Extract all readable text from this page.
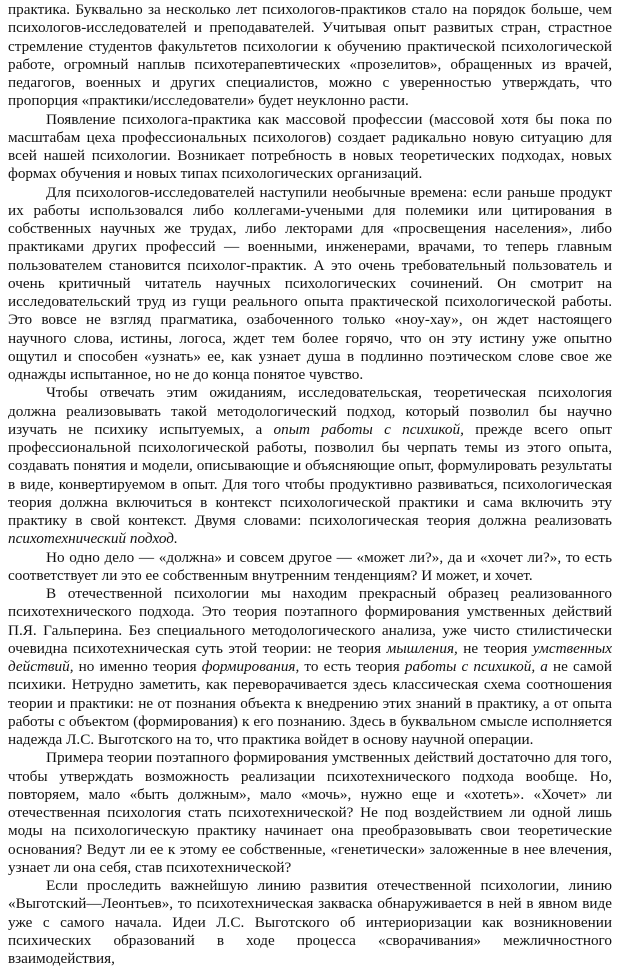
практика. Буквально за несколько лет психологов-практиков стало на порядок больше, чем психологов-исследователей и преподавателей. Учитывая опыт развитых стран, страстное стремление студентов факультетов психологии к обучению практической психологической работе, огромный наплыв психотерапевтических «прозелитов», обращенных из врачей, педагогов, военных и других специалистов, можно с уверенностью утверждать, что пропорция «практики/исследователи» будет неуклонно расти.

Появление психолога-практика как массовой профессии (массовой хотя бы пока по масштабам цеха профессиональных психологов) создает радикально новую ситуацию для всей нашей психологии. Возникает потребность в новых теоретических подходах, новых формах обучения и новых типах психологических организаций.

Для психологов-исследователей наступили необычные времена: если раньше продукт их работы использовался либо коллегами-учеными для полемики или цитирования в собственных научных же трудах, либо лекторами для «просвещения населения», либо практиками других профессий — военными, инженерами, врачами, то теперь главным пользователем становится психолог-практик. А это очень требовательный пользователь и очень критичный читатель научных психологических сочинений. Он смотрит на исследовательский труд из гущи реального опыта практической психологической работы. Это вовсе не взгляд прагматика, озабоченного только «ноу-хау», он ждет настоящего научного слова, истины, логоса, ждет тем более горячо, что он эту истину уже опытно ощутил и способен «узнать» ее, как узнает душа в подлинно поэтическом слове свое же однажды испытанное, но не до конца понятое чувство.

Чтобы отвечать этим ожиданиям, исследовательская, теоретическая психология должна реализовывать такой методологический подход, который позволил бы научно изучать не психику испытуемых, а опыт работы с психикой, прежде всего опыт профессиональной психологической работы, позволил бы черпать темы из этого опыта, создавать понятия и модели, описывающие и объясняющие опыт, формулировать результаты в виде, конвертируемом в опыт. Для того чтобы продуктивно развиваться, психологическая теория должна включиться в контекст психологической практики и сама включить эту практику в свой контекст. Двумя словами: психологическая теория должна реализовать психотехнический подход.

Но одно дело — «должна» и совсем другое — «может ли?», да и «хочет ли?», то есть соответствует ли это ее собственным внутренним тенденциям? И может, и хочет.

В отечественной психологии мы находим прекрасный образец реализованного психотехнического подхода. Это теория поэтапного формирования умственных действий П.Я. Гальперина. Без специального методологического анализа, уже чисто стилистически очевидна психотехническая суть этой теории: не теория мышления, не теория умственных действий, но именно теория формирования, то есть теория работы с психикой, а не самой психики. Нетрудно заметить, как переворачивается здесь классическая схема соотношения теории и практики: не от познания объекта к внедрению этих знаний в практику, а от опыта работы с объектом (формирования) к его познанию. Здесь в буквальном смысле исполняется надежда Л.С. Выготского на то, что практика войдет в основу научной операции.

Примера теории поэтапного формирования умственных действий достаточно для того, чтобы утверждать возможность реализации психотехнического подхода вообще. Но, повторяем, мало «быть должным», мало «мочь», нужно еще и «хотеть». «Хочет» ли отечественная психология стать психотехнической? Не под воздействием ли одной лишь моды на психологическую практику начинает она преобразовывать свои теоретические основания? Ведут ли ее к этому ее собственные, «генетически» заложенные в нее влечения, узнает ли она себя, став психотехнической?

Если проследить важнейшую линию развития отечественной психологии, линию «Выготский—Леонтьев», то психотехническая закваска обнаруживается в ней в явном виде уже с самого начала. Идеи Л.С. Выготского об интериоризации как возникновении психических образований в ходе процесса «сворачивания» межличностного взаимодействия,
